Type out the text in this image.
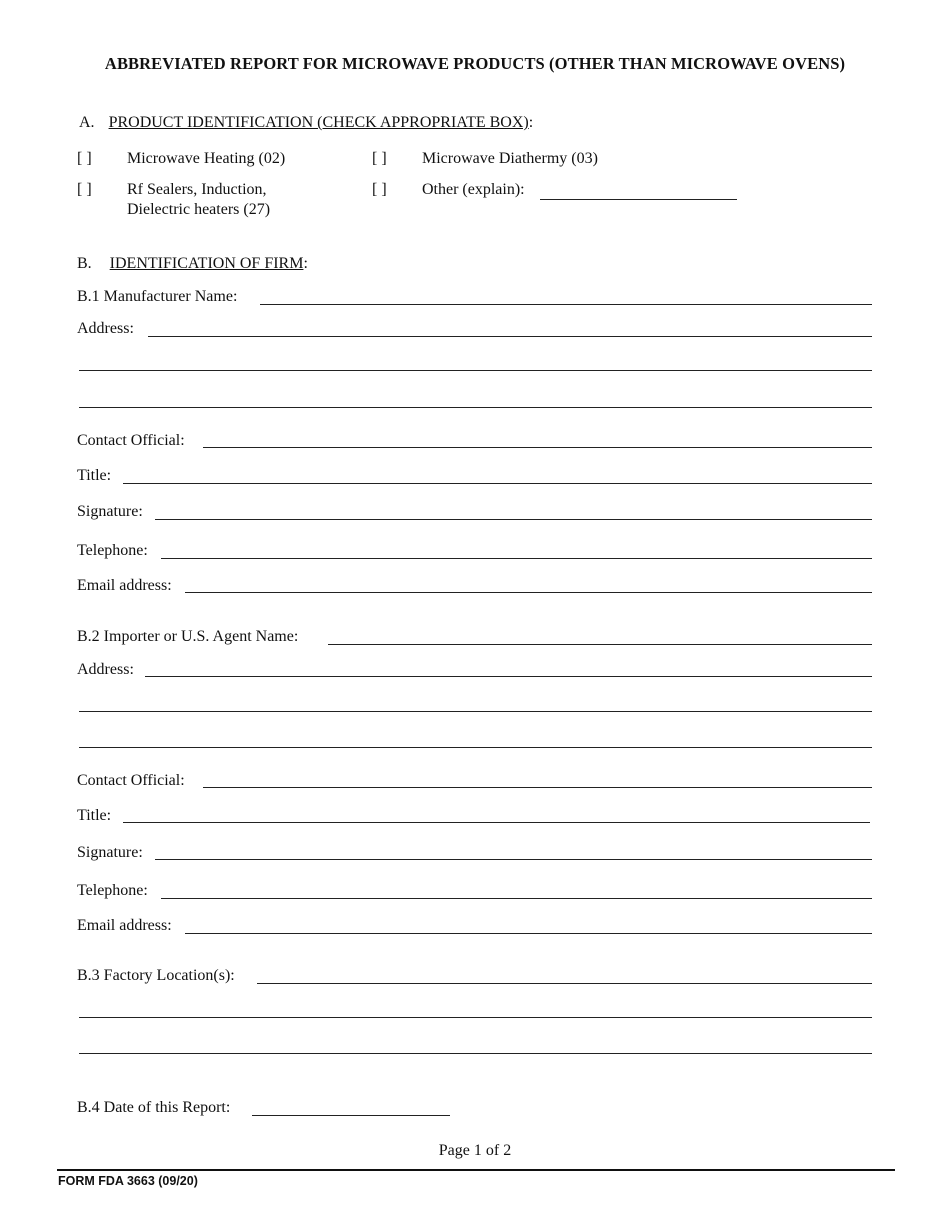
ABBREVIATED REPORT FOR MICROWAVE PRODUCTS (OTHER THAN MICROWAVE OVENS)
A. PRODUCT IDENTIFICATION (CHECK APPROPRIATE BOX):
[ ] Microwave Heating (02)	[ ] Microwave Diathermy (03)
[ ] Rf Sealers, Induction,
Dielectric heaters (27)
[ ] Other (explain):
B. IDENTIFICATION OF FIRM:
B.1 Manufacturer Name:
Address:
Contact Official:
Title:
Signature:
Telephone:
Email address:
B.2 Importer or U.S. Agent Name:
Address:
Contact Official:
Title:
Signature:
Telephone:
Email address:
B.3 Factory Location(s):
B.4 Date of this Report:
Page 1 of 2
FORM FDA 3663 (09/20)
